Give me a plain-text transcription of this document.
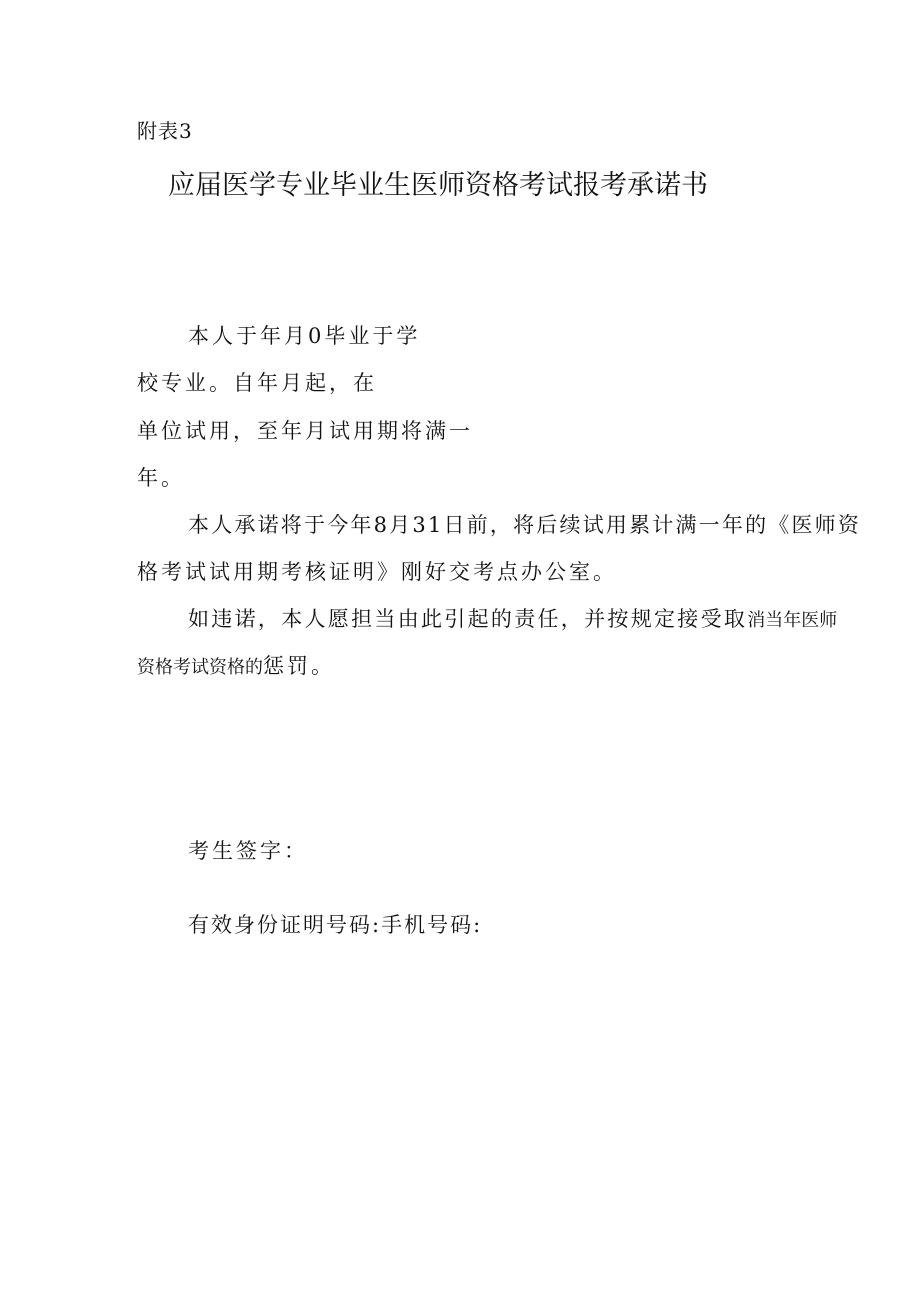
附表3
应届医学专业毕业生医师资格考试报考承诺书
本人于年月0毕业于学
校专业。自年月起，在
单位试用，至年月试用期将满一
年。
本人承诺将于今年8月31日前，将后续试用累计满一年的《医师资
格考试试用期考核证明》刚好交考点办公室。
如违诺，本人愿担当由此引起的责任，并按规定接受取消当年医师
资格考试资格的惩罚。
考生签字：
有效身份证明号码:手机号码:
